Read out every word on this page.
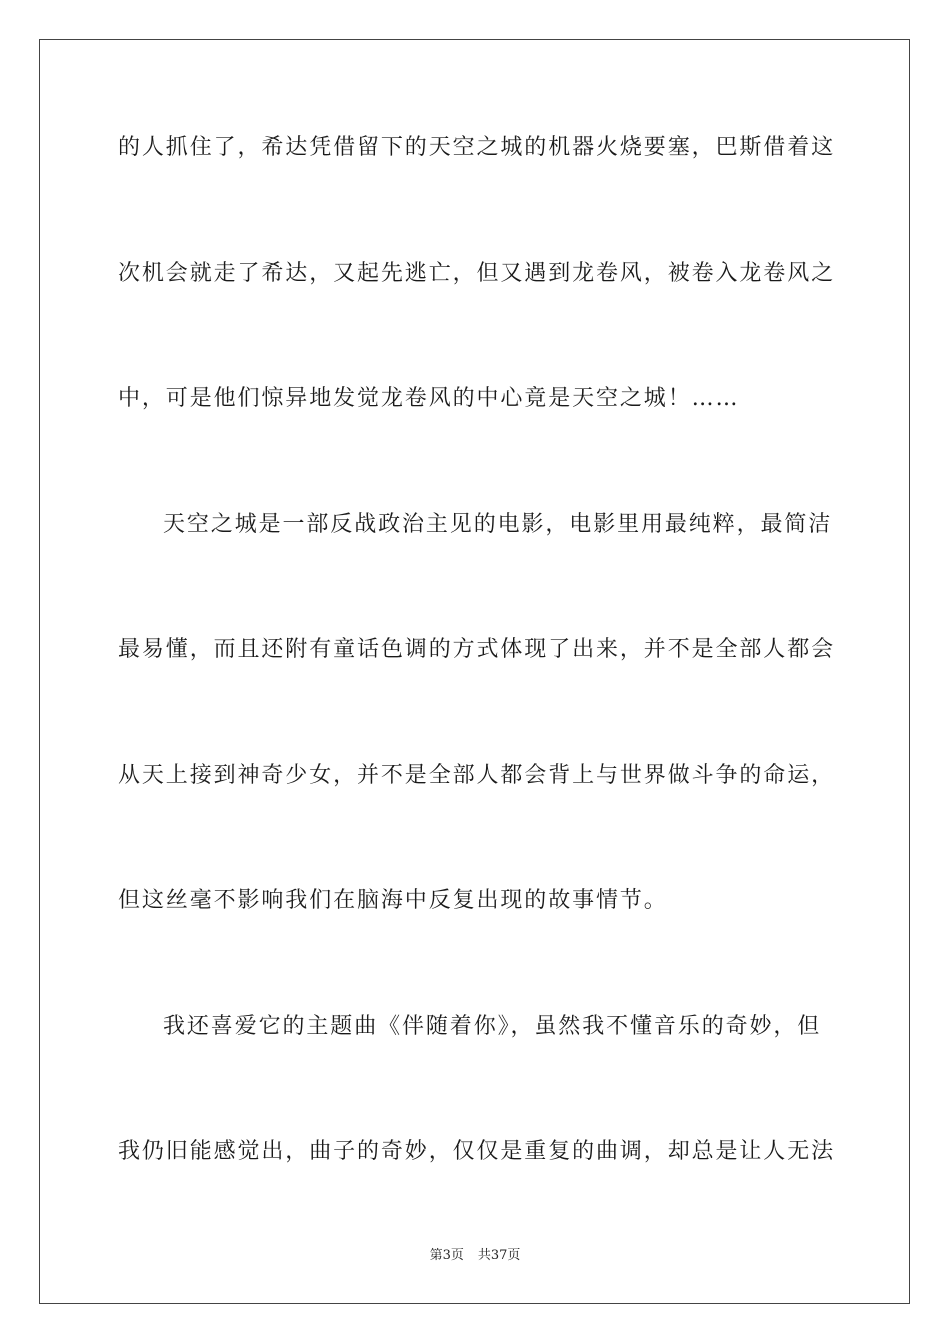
的人抓住了，希达凭借留下的天空之城的机器火烧要塞，巴斯借着这
次机会就走了希达，又起先逃亡，但又遇到龙卷风，被卷入龙卷风之
中，可是他们惊异地发觉龙卷风的中心竟是天空之城！……
天空之城是一部反战政治主见的电影，电影里用最纯粹，最简洁
最易懂，而且还附有童话色调的方式体现了出来，并不是全部人都会
从天上接到神奇少女，并不是全部人都会背上与世界做斗争的命运，
但这丝毫不影响我们在脑海中反复出现的故事情节。
我还喜爱它的主题曲《伴随着你》，虽然我不懂音乐的奇妙，但
我仍旧能感觉出，曲子的奇妙，仅仅是重复的曲调，却总是让人无法
第3页 共37页
